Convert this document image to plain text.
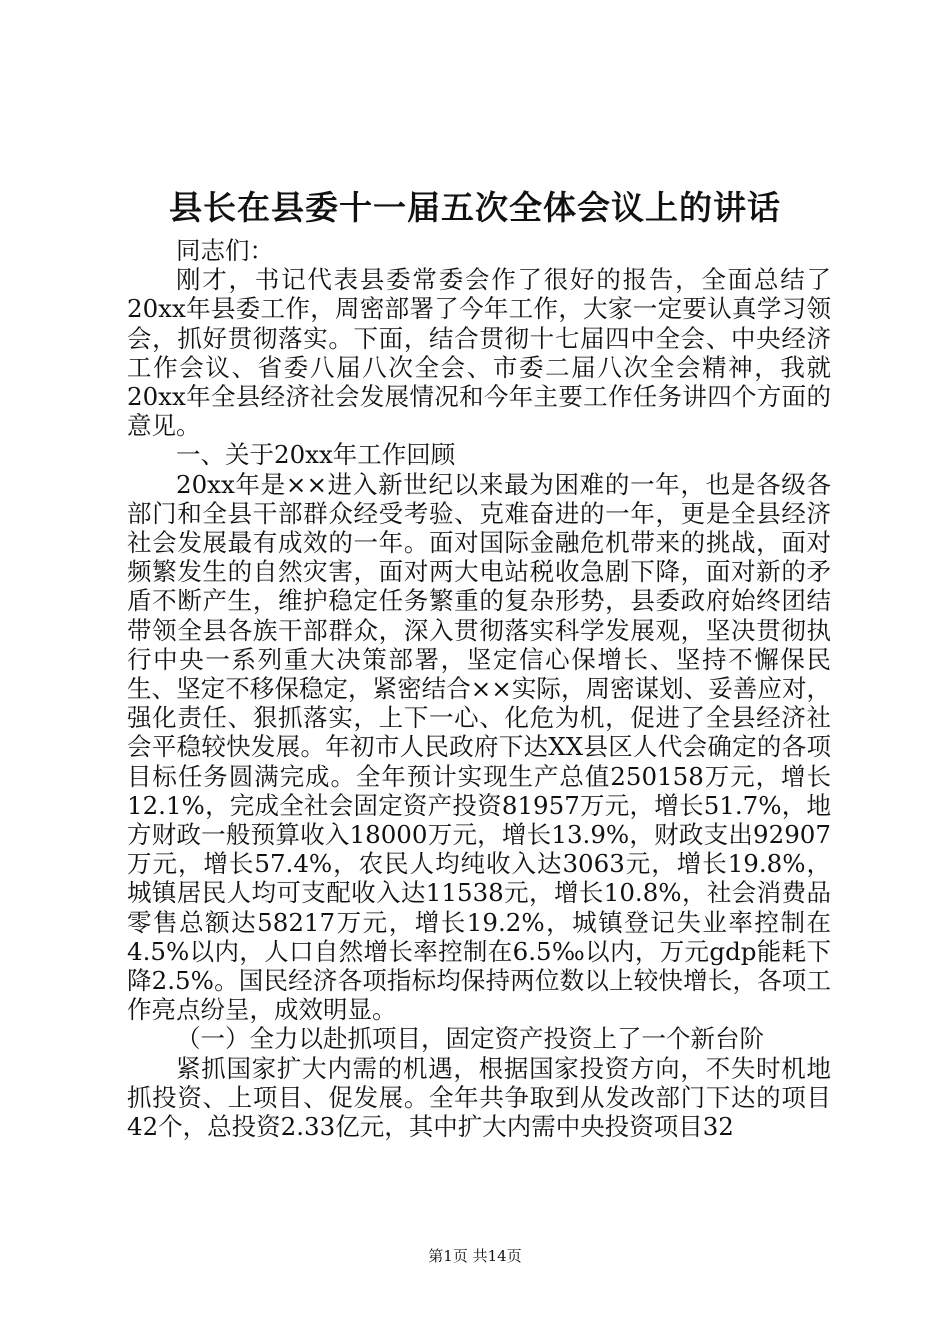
县长在县委十一届五次全体会议上的讲话

同志们：

刚才，书记代表县委常委会作了很好的报告，全面总结了20xx年县委工作，周密部署了今年工作，大家一定要认真学习领会，抓好贯彻落实。下面，结合贯彻十七届四中全会、中央经济工作会议、省委八届八次全会、市委二届八次全会精神，我就20xx年全县经济社会发展情况和今年主要工作任务讲四个方面的意见。

一、关于20xx年工作回顾

20xx年是××进入新世纪以来最为困难的一年，也是各级各部门和全县干部群众经受考验、克难奋进的一年，更是全县经济社会发展最有成效的一年。面对国际金融危机带来的挑战，面对频繁发生的自然灾害，面对两大电站税收急剧下降，面对新的矛盾不断产生，维护稳定任务繁重的复杂形势，县委政府始终团结带领全县各族干部群众，深入贯彻落实科学发展观，坚决贯彻执行中央一系列重大决策部署，坚定信心保增长、坚持不懈保民生、坚定不移保稳定，紧密结合××实际，周密谋划、妥善应对，强化责任、狠抓落实，上下一心、化危为机，促进了全县经济社会平稳较快发展。年初市人民政府下达XX县区人代会确定的各项目标任务圆满完成。全年预计实现生产总值250158万元，增长12.1%，完成全社会固定资产投资81957万元，增长51.7%，地方财政一般预算收入18000万元，增长13.9%，财政支出92907万元，增长57.4%，农民人均纯收入达3063元，增长19.8%，城镇居民人均可支配收入达11538元，增长10.8%，社会消费品零售总额达58217万元，增长19.2%，城镇登记失业率控制在4.5%以内，人口自然增长率控制在6.5‰以内，万元gdp能耗下降2.5%。国民经济各项指标均保持两位数以上较快增长，各项工作亮点纷呈，成效明显。

（一）全力以赴抓项目，固定资产投资上了一个新台阶

紧抓国家扩大内需的机遇，根据国家投资方向，不失时机地抓投资、上项目、促发展。全年共争取到从发改部门下达的项目42个，总投资2.33亿元，其中扩大内需中央投资项目32

第1页 共14页
